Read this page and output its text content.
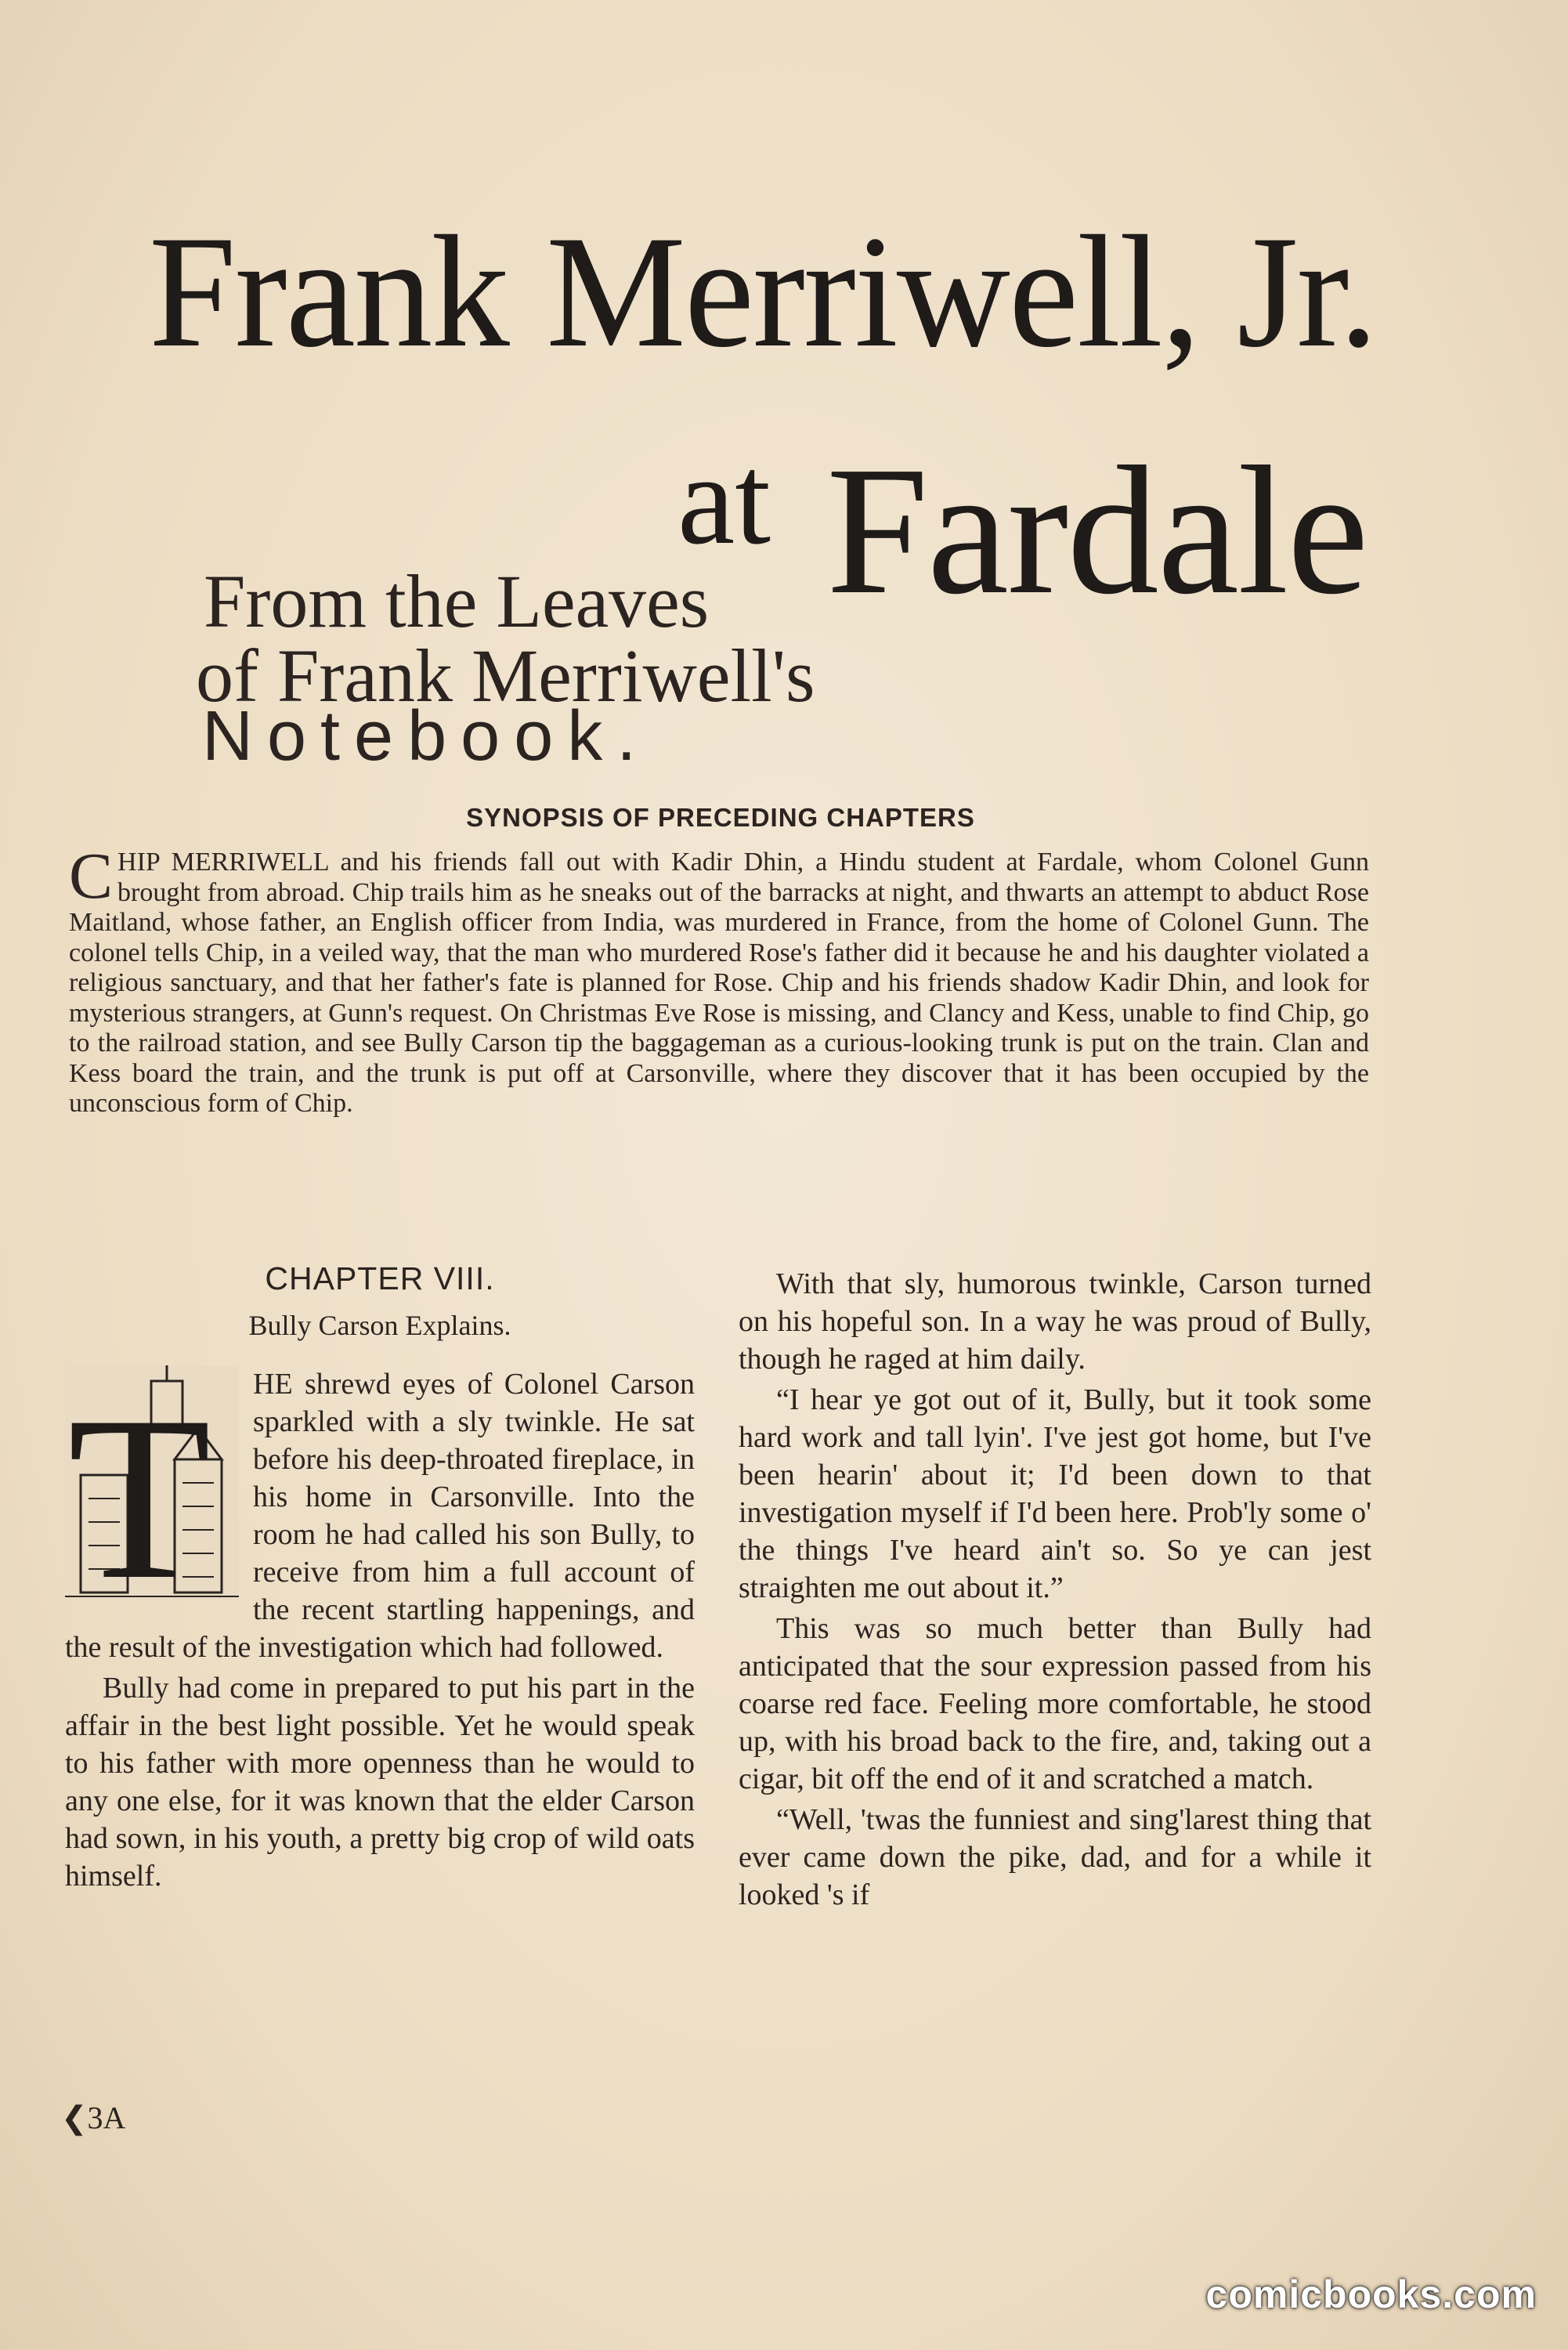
Frank Merriwell, Jr.
at Fardale
From the Leaves
of Frank Merriwell's
Notebook.
SYNOPSIS OF PRECEDING CHAPTERS
CHIP MERRIWELL and his friends fall out with Kadir Dhin, a Hindu student at Fardale, whom Colonel Gunn brought from abroad. Chip trails him as he sneaks out of the barracks at night, and thwarts an attempt to abduct Rose Maitland, whose father, an English officer from India, was murdered in France, from the home of Colonel Gunn. The colonel tells Chip, in a veiled way, that the man who murdered Rose's father did it because he and his daughter violated a religious sanctuary, and that her father's fate is planned for Rose. Chip and his friends shadow Kadir Dhin, and look for mysterious strangers, at Gunn's request. On Christmas Eve Rose is missing, and Clancy and Kess, unable to find Chip, go to the railroad station, and see Bully Carson tip the baggageman as a curious-looking trunk is put on the train. Clan and Kess board the train, and the trunk is put off at Carsonville, where they discover that it has been occupied by the unconscious form of Chip.
CHAPTER VIII.
Bully Carson Explains.
T	HE shrewd eyes of Colonel Carson sparkled with a sly twinkle. He sat before his deep-throated fireplace, in his home in Carsonville. Into the room he had called his son Bully, to receive from him a full account of the recent startling happenings, and the result of the investigation which had followed.

Bully had come in prepared to put his part in the affair in the best light possible. Yet he would speak to his father with more openness than he would to any one else, for it was known that the elder Carson had sown, in his youth, a pretty big crop of wild oats himself.

With that sly, humorous twinkle, Carson turned on his hopeful son. In a way he was proud of Bully, though he raged at him daily.

“I hear ye got out of it, Bully, but it took some hard work and tall lyin'. I've jest got home, but I've been hearin' about it; I'd been down to that investigation myself if I'd been here. Prob'ly some o' the things I've heard ain't so. So ye can jest straighten me out about it.”

This was so much better than Bully had anticipated that the sour expression passed from his coarse red face. Feeling more comfortable, he stood up, with his broad back to the fire, and, taking out a cigar, bit off the end of it and scratched a match.

“Well, 'twas the funniest and sing'larest thing that ever came down the pike, dad, and for a while it looked 's if

❮3A
comicbooks.com
